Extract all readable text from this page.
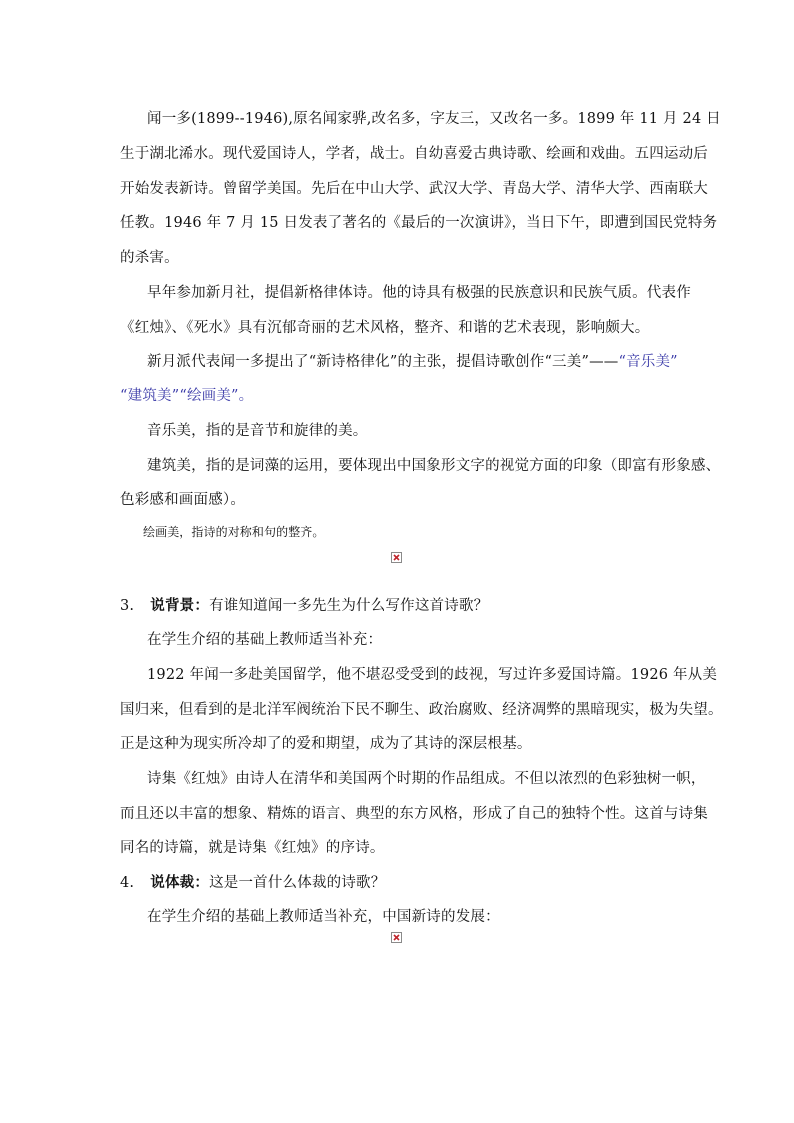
闻一多(1899--1946),原名闻家骅,改名多，字友三，又改名一多。1899 年 11 月 24 日
生于湖北浠水。现代爱国诗人，学者，战士。自幼喜爱古典诗歌、绘画和戏曲。五四运动后
开始发表新诗。曾留学美国。先后在中山大学、武汉大学、青岛大学、清华大学、西南联大
任教。1946 年 7 月 15 日发表了著名的《最后的一次演讲》，当日下午，即遭到国民党特务
的杀害。
早年参加新月社，提倡新格律体诗。他的诗具有极强的民族意识和民族气质。代表作
《红烛》、《死水》具有沉郁奇丽的艺术风格，整齐、和谐的艺术表现，影响颇大。
新月派代表闻一多提出了“新诗格律化”的主张，提倡诗歌创作“三美”——“音乐美”
“建筑美”“绘画美”。
音乐美，指的是音节和旋律的美。
建筑美，指的是词藻的运用，要体现出中国象形文字的视觉方面的印象（即富有形象感、
色彩感和画面感）。
绘画美，指诗的对称和句的整齐。
3. 说背景：有谁知道闻一多先生为什么写作这首诗歌？
在学生介绍的基础上教师适当补充：
1922 年闻一多赴美国留学，他不堪忍受受到的歧视，写过许多爱国诗篇。1926 年从美
国归来，但看到的是北洋军阀统治下民不聊生、政治腐败、经济凋弊的黑暗现实，极为失望。
正是这种为现实所冷却了的爱和期望，成为了其诗的深层根基。
诗集《红烛》由诗人在清华和美国两个时期的作品组成。不但以浓烈的色彩独树一帜，
而且还以丰富的想象、精炼的语言、典型的东方风格，形成了自己的独特个性。这首与诗集
同名的诗篇，就是诗集《红烛》的序诗。
4. 说体裁：这是一首什么体裁的诗歌？
在学生介绍的基础上教师适当补充，中国新诗的发展：
